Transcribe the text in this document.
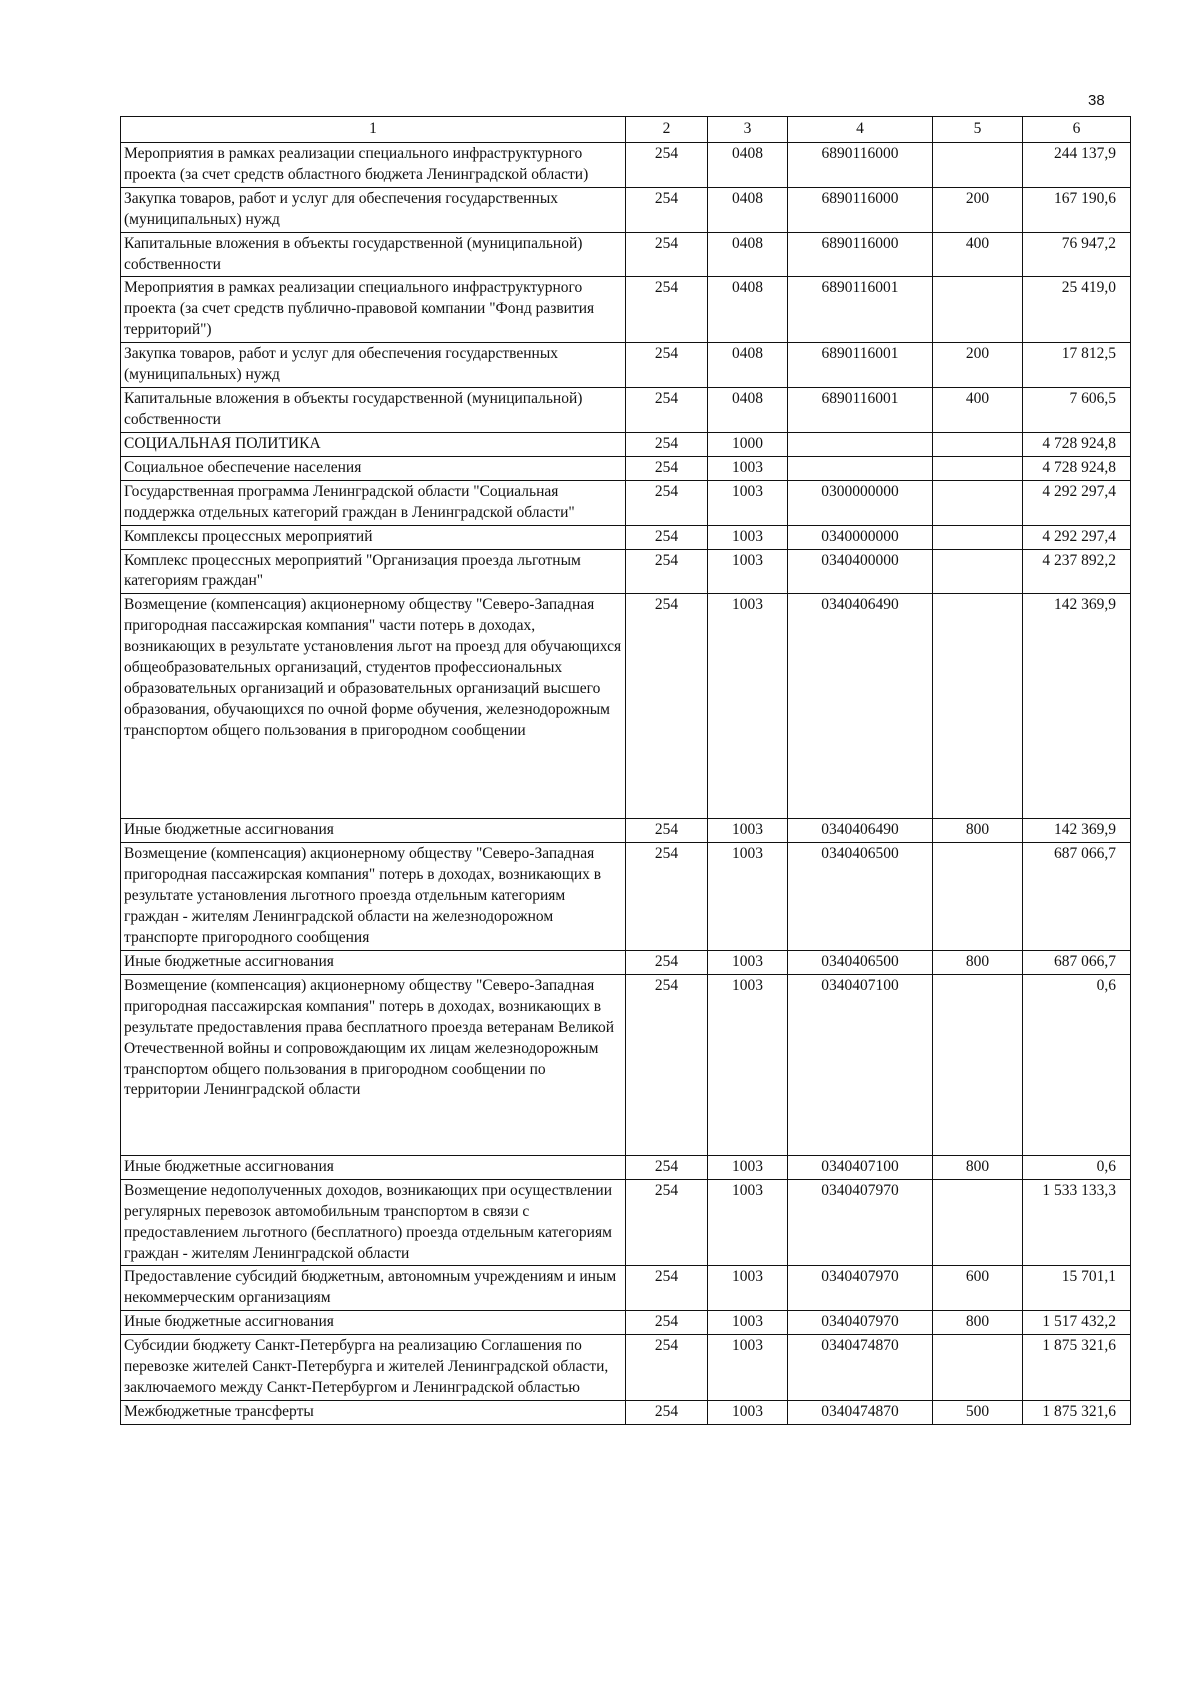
38
1	2	3	4	5	6
Мероприятия в рамках реализации специального инфраструктурного проекта (за счет средств областного бюджета Ленинградской области)	254	0408	6890116000		244 137,9
Закупка товаров, работ и услуг для обеспечения государственных (муниципальных) нужд	254	0408	6890116000	200	167 190,6
Капитальные вложения в объекты государственной (муниципальной) собственности	254	0408	6890116000	400	76 947,2
Мероприятия в рамках реализации специального инфраструктурного проекта (за счет средств публично-правовой компании "Фонд развития территорий")	254	0408	6890116001		25 419,0
Закупка товаров, работ и услуг для обеспечения государственных (муниципальных) нужд	254	0408	6890116001	200	17 812,5
Капитальные вложения в объекты государственной (муниципальной) собственности	254	0408	6890116001	400	7 606,5
СОЦИАЛЬНАЯ ПОЛИТИКА	254	1000			4 728 924,8
Социальное обеспечение населения	254	1003			4 728 924,8
Государственная программа Ленинградской области "Социальная поддержка отдельных категорий граждан в Ленинградской области"	254	1003	0300000000		4 292 297,4
Комплексы процессных мероприятий	254	1003	0340000000		4 292 297,4
Комплекс процессных мероприятий "Организация проезда льготным категориям граждан"	254	1003	0340400000		4 237 892,2
Возмещение (компенсация) акционерному обществу "Северо-Западная пригородная пассажирская компания" части потерь в доходах, возникающих в результате установления льгот на проезд для обучающихся общеобразовательных организаций, студентов профессиональных образовательных организаций и образовательных организаций высшего образования, обучающихся по очной форме обучения, железнодорожным транспортом общего пользования в пригородном сообщении	254	1003	0340406490		142 369,9
Иные бюджетные ассигнования	254	1003	0340406490	800	142 369,9
Возмещение (компенсация) акционерному обществу "Северо-Западная пригородная пассажирская компания" потерь в доходах, возникающих в результате установления льготного проезда отдельным категориям граждан - жителям Ленинградской области на железнодорожном транспорте пригородного сообщения	254	1003	0340406500		687 066,7
Иные бюджетные ассигнования	254	1003	0340406500	800	687 066,7
Возмещение (компенсация) акционерному обществу "Северо-Западная пригородная пассажирская компания" потерь в доходах, возникающих в результате предоставления права бесплатного проезда ветеранам Великой Отечественной войны и сопровождающим их лицам железнодорожным транспортом общего пользования в пригородном сообщении по территории Ленинградской области	254	1003	0340407100		0,6
Иные бюджетные ассигнования	254	1003	0340407100	800	0,6
Возмещение недополученных доходов, возникающих при осуществлении регулярных перевозок автомобильным транспортом в связи с предоставлением льготного (бесплатного) проезда отдельным категориям граждан - жителям Ленинградской области	254	1003	0340407970		1 533 133,3
Предоставление субсидий бюджетным, автономным учреждениям и иным некоммерческим организациям	254	1003	0340407970	600	15 701,1
Иные бюджетные ассигнования	254	1003	0340407970	800	1 517 432,2
Субсидии бюджету Санкт-Петербурга на реализацию Соглашения по перевозке жителей Санкт-Петербурга и жителей Ленинградской области, заключаемого между Санкт-Петербургом и Ленинградской областью	254	1003	0340474870		1 875 321,6
Межбюджетные трансферты	254	1003	0340474870	500	1 875 321,6
